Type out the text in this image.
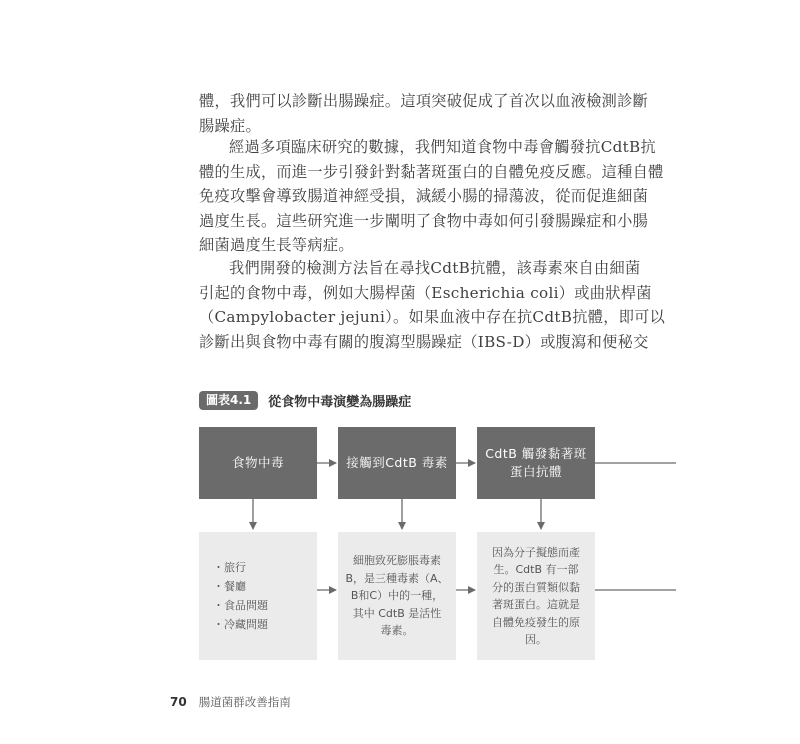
體，我們可以診斷出腸躁症。這項突破促成了首次以血液檢測診斷
腸躁症。

經過多項臨床研究的數據，我們知道食物中毒會觸發抗CdtB抗
體的生成，而進一步引發針對黏著斑蛋白的自體免疫反應。這種自體
免疫攻擊會導致腸道神經受損，減緩小腸的掃蕩波，從而促進細菌
過度生長。這些研究進一步闡明了食物中毒如何引發腸躁症和小腸
細菌過度生長等病症。

我們開發的檢測方法旨在尋找CdtB抗體，該毒素來自由細菌
引起的食物中毒，例如大腸桿菌（Escherichia coli）或曲狀桿菌
（Campylobacter jejuni）。如果血液中存在抗CdtB抗體，即可以
診斷出與食物中毒有關的腹瀉型腸躁症（IBS-D）或腹瀉和便秘交

圖表4.1	從食物中毒演變為腸躁症
食物中毒	接觸到CdtB 毒素
CdtB 觸發黏著斑
蛋白抗體
・ 旅行
・ 餐廳
・ 食品問題
・ 冷藏問題
細胞致死膨脹毒素
B，是三種毒素（A、
B和C）中的一種，
其中 CdtB 是活性
毒素。
因為分子擬態而產
生。CdtB 有一部
分的蛋白質類似黏
著斑蛋白。這就是
自體免疫發生的原
因。
70 腸道菌群改善指南
